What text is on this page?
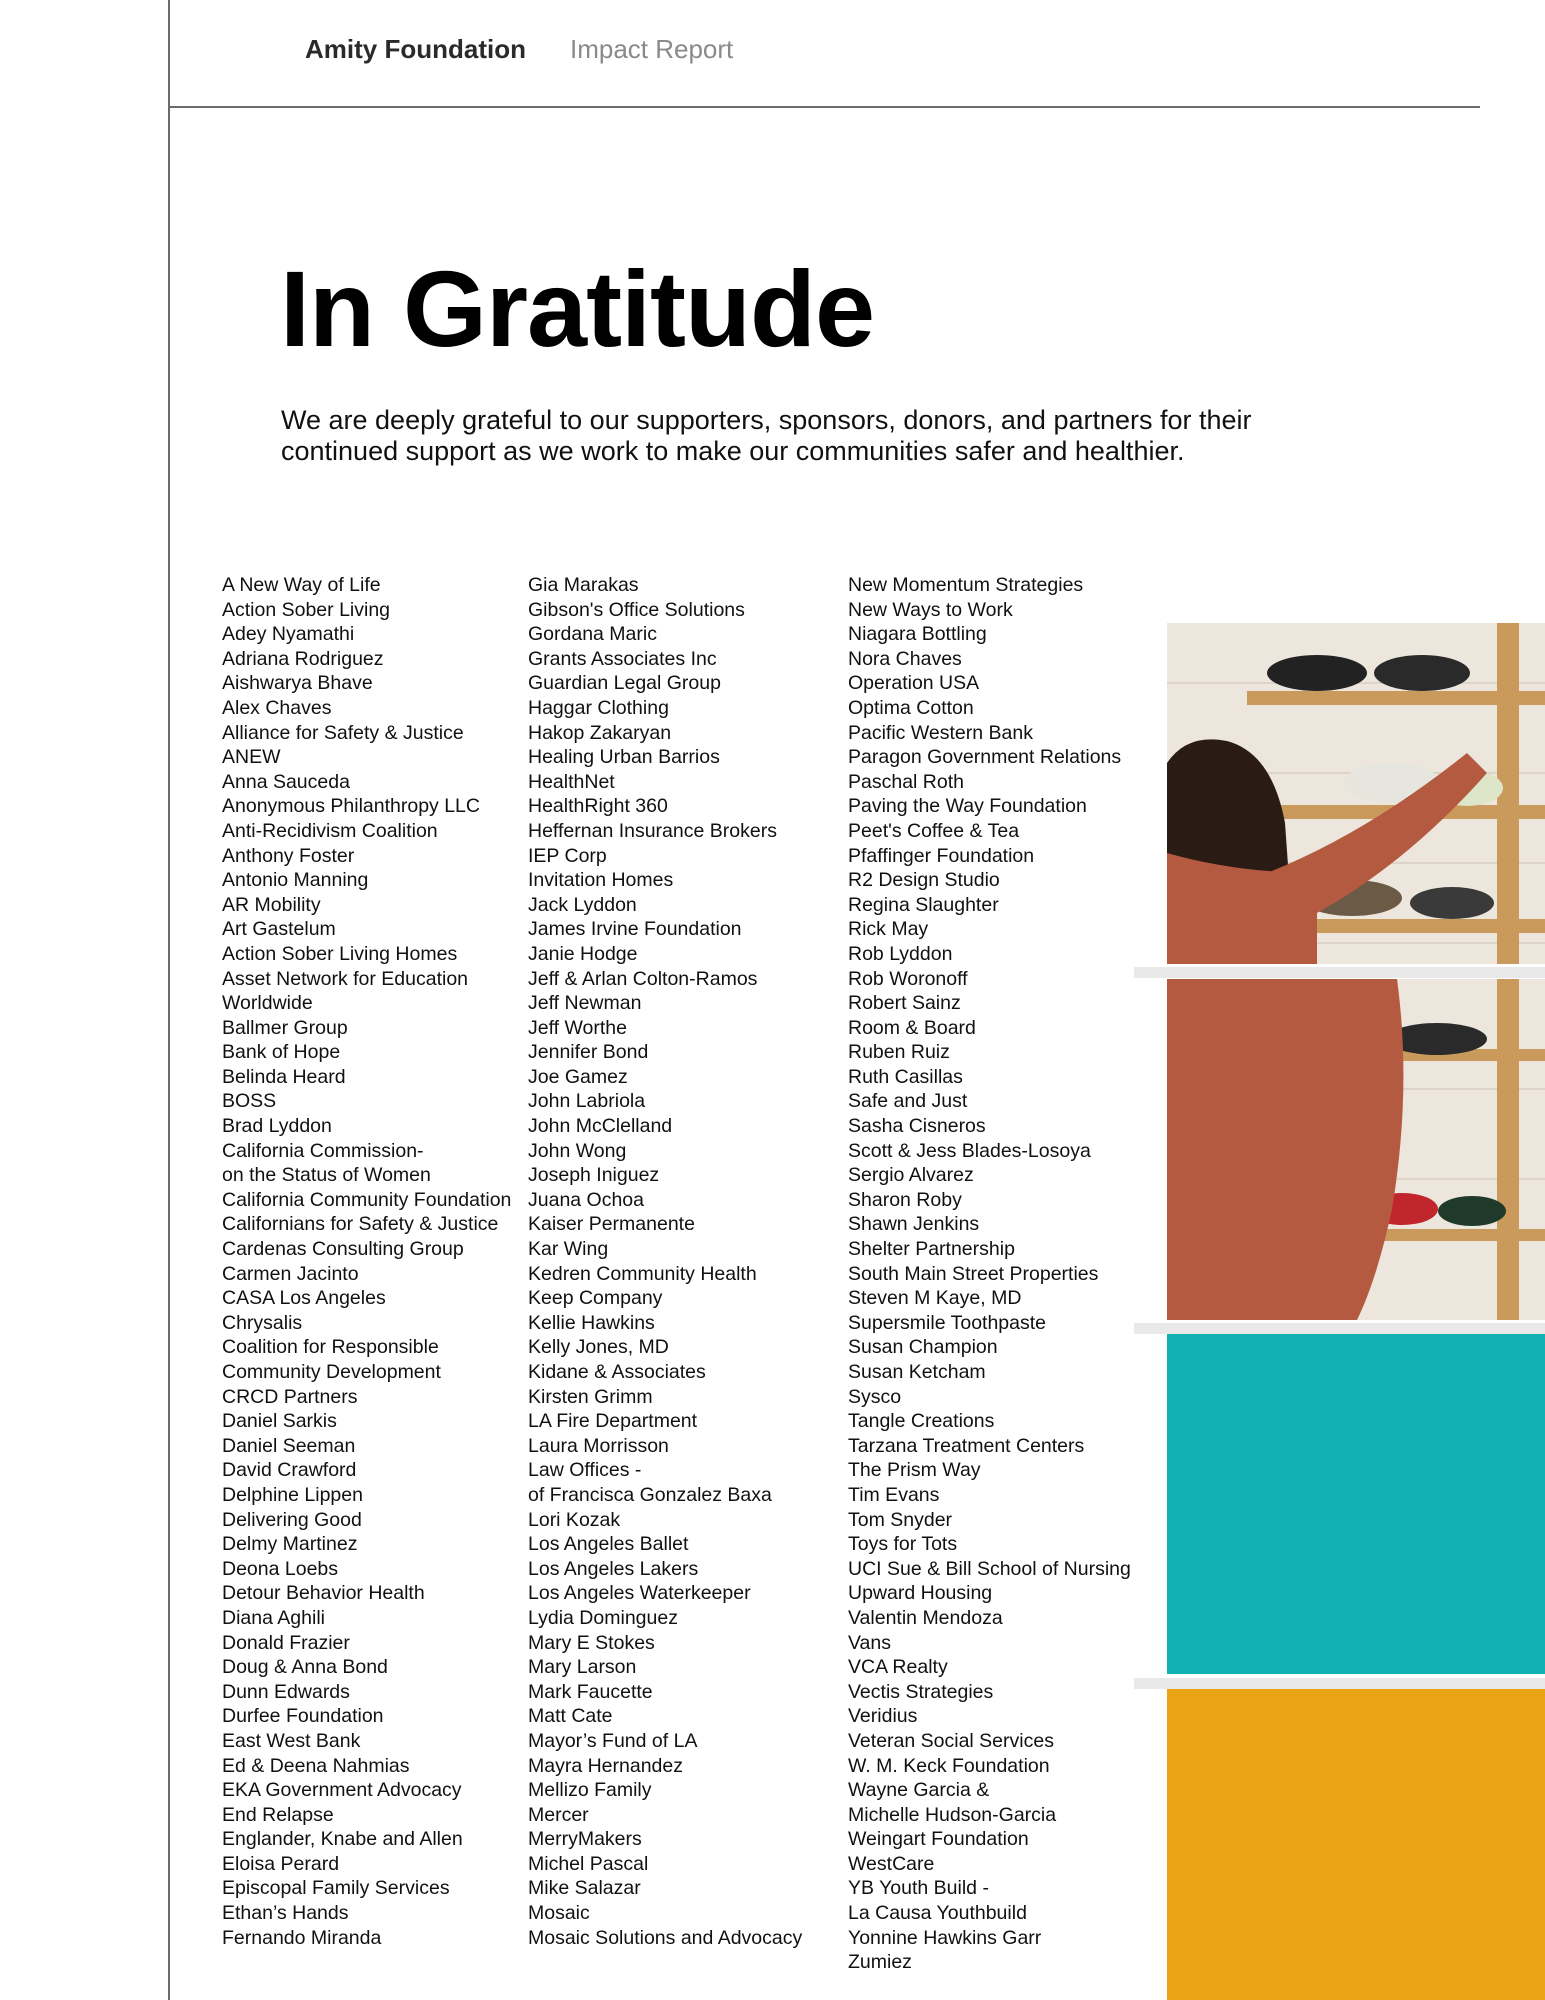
Amity Foundation Impact Report
In Gratitude

We are deeply grateful to our supporters, sponsors, donors, and partners for their continued support as we work to make our communities safer and healthier.

A New Way of Life
Action Sober Living
Adey Nyamathi
Adriana Rodriguez
Aishwarya Bhave
Alex Chaves
Alliance for Safety & Justice
ANEW
Anna Sauceda
Anonymous Philanthropy LLC
Anti-Recidivism Coalition
Anthony Foster
Antonio Manning
AR Mobility
Art Gastelum
Action Sober Living Homes
Asset Network for Education
Worldwide
Ballmer Group
Bank of Hope
Belinda Heard
BOSS
Brad Lyddon
California Commission-
on the Status of Women
California Community Foundation
Californians for Safety & Justice
Cardenas Consulting Group
Carmen Jacinto
CASA Los Angeles
Chrysalis
Coalition for Responsible
Community Development
CRCD Partners
Daniel Sarkis
Daniel Seeman
David Crawford
Delphine Lippen
Delivering Good
Delmy Martinez
Deona Loebs
Detour Behavior Health
Diana Aghili
Donald Frazier
Doug & Anna Bond
Dunn Edwards
Durfee Foundation
East West Bank
Ed & Deena Nahmias
EKA Government Advocacy
End Relapse
Englander, Knabe and Allen
Eloisa Perard
Episcopal Family Services
Ethan’s Hands
Fernando Miranda
Gia Marakas
Gibson's Office Solutions
Gordana Maric
Grants Associates Inc
Guardian Legal Group
Haggar Clothing
Hakop Zakaryan
Healing Urban Barrios
HealthNet
HealthRight 360
Heffernan Insurance Brokers
IEP Corp
Invitation Homes
Jack Lyddon
James Irvine Foundation
Janie Hodge
Jeff & Arlan Colton-Ramos
Jeff Newman
Jeff Worthe
Jennifer Bond
Joe Gamez
John Labriola
John McClelland
John Wong
Joseph Iniguez
Juana Ochoa
Kaiser Permanente
Kar Wing
Kedren Community Health
Keep Company
Kellie Hawkins
Kelly Jones, MD
Kidane & Associates
Kirsten Grimm
LA Fire Department
Laura Morrisson
Law Offices -
of Francisca Gonzalez Baxa
Lori Kozak
Los Angeles Ballet
Los Angeles Lakers
Los Angeles Waterkeeper
Lydia Dominguez
Mary E Stokes
Mary Larson
Mark Faucette
Matt Cate
Mayor’s Fund of LA
Mayra Hernandez
Mellizo Family
Mercer
MerryMakers
Michel Pascal
Mike Salazar
Mosaic
Mosaic Solutions and Advocacy
New Momentum Strategies
New Ways to Work
Niagara Bottling
Nora Chaves
Operation USA
Optima Cotton
Pacific Western Bank
Paragon Government Relations
Paschal Roth
Paving the Way Foundation
Peet's Coffee & Tea
Pfaffinger Foundation
R2 Design Studio
Regina Slaughter
Rick May
Rob Lyddon
Rob Woronoff
Robert Sainz
Room & Board
Ruben Ruiz
Ruth Casillas
Safe and Just
Sasha Cisneros
Scott & Jess Blades-Losoya
Sergio Alvarez
Sharon Roby
Shawn Jenkins
Shelter Partnership
South Main Street Properties
Steven M Kaye, MD
Supersmile Toothpaste
Susan Champion
Susan Ketcham
Sysco
Tangle Creations
Tarzana Treatment Centers
The Prism Way
Tim Evans
Tom Snyder
Toys for Tots
UCI Sue & Bill School of Nursing
Upward Housing
Valentin Mendoza
Vans
VCA Realty
Vectis Strategies
Veridius
Veteran Social Services
W. M. Keck Foundation
Wayne Garcia &
Michelle Hudson-Garcia
Weingart Foundation
WestCare
YB Youth Build -
La Causa Youthbuild
Yonnine Hawkins Garr
Zumiez
